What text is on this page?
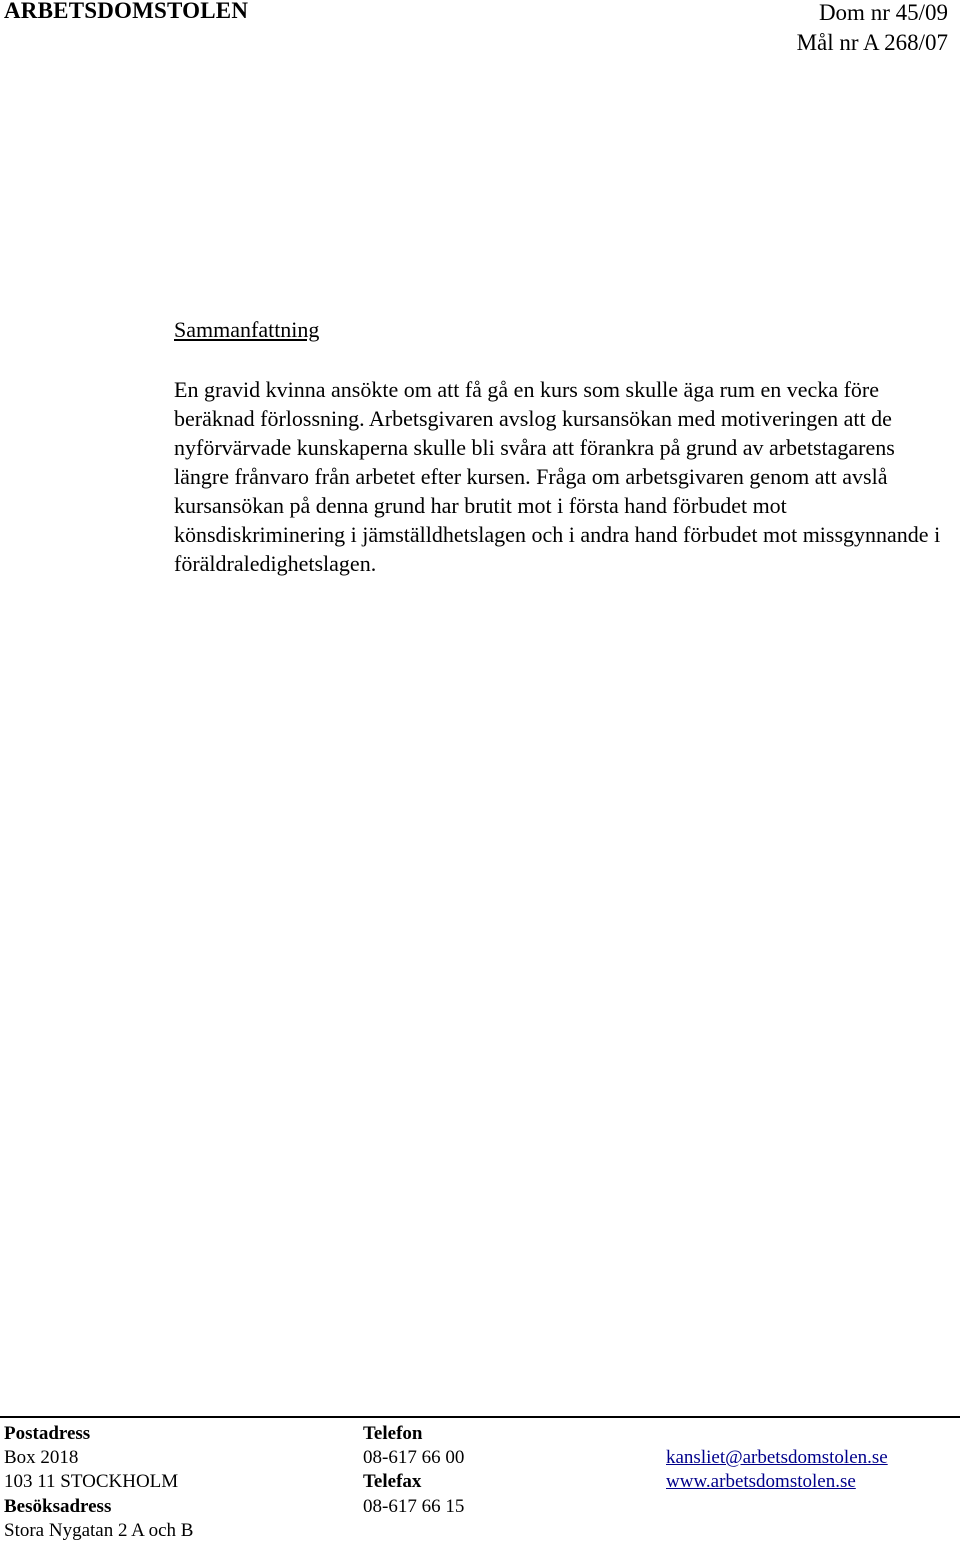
ARBETSDOMSTOLEN	Dom nr 45/09
Mål nr A 268/07
Sammanfattning

En gravid kvinna ansökte om att få gå en kurs som skulle äga rum en vecka före beräknad förlossning. Arbetsgivaren avslog kursansökan med motiveringen att de nyförvärvade kunskaperna skulle bli svåra att förankra på grund av arbetstagarens längre frånvaro från arbetet efter kursen. Fråga om arbetsgivaren genom att avslå kursansökan på denna grund har brutit mot i första hand förbudet mot könsdiskriminering i jämställdhetslagen och i andra hand förbudet mot missgynnande i föräldraledighetslagen.

Postadress
Box 2018
103 11 STOCKHOLM
Besöksadress
Stora Nygatan 2 A och B
Telefon
08-617 66 00
Telefax
08-617 66 15
kansliet@arbetsdomstolen.se
www.arbetsdomstolen.se
